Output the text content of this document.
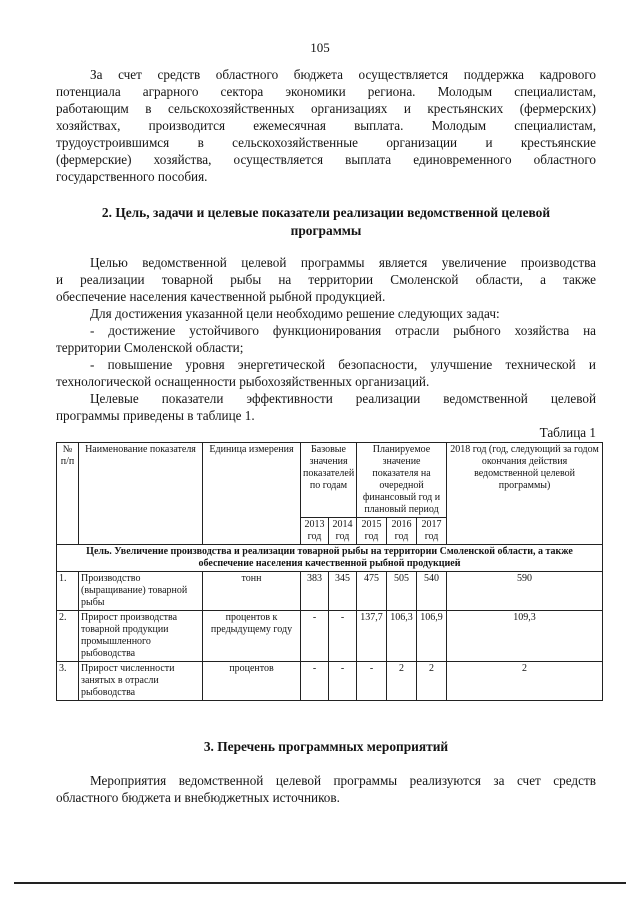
105
За счет средств областного бюджета осуществляется поддержка кадрового
потенциала аграрного сектора экономики региона. Молодым специалистам,
работающим в сельскохозяйственных организациях и крестьянских (фермерских)
хозяйствах, производится ежемесячная выплата. Молодым специалистам,
трудоустроившимся в сельскохозяйственные организации и крестьянские
(фермерские) хозяйства, осуществляется выплата единовременного областного
государственного пособия.
2. Цель, задачи и целевые показатели реализации ведомственной целевой
программы
Целью ведомственной целевой программы является увеличение производства
и реализации товарной рыбы на территории Смоленской области, а также
обеспечение населения качественной рыбной продукцией.
Для достижения указанной цели необходимо решение следующих задач:
- достижение устойчивого функционирования отрасли рыбного хозяйства на
территории Смоленской области;
- повышение уровня энергетической безопасности, улучшение технической и
технологической оснащенности рыбохозяйственных организаций.
Целевые показатели эффективности реализации ведомственной целевой
программы приведены в таблице 1.
Таблица 1
№ п/п	Наименование показателя	Единица измерения	Базовые значения показателей по годам		Планируемое значение показателя на очередной финансовый год и плановый период			2018 год (год, следующий за годом окончания действия ведомственной целевой программы)
			2013 год	2014 год	2015 год	2016 год	2017 год	
Цель. Увеличение производства и реализации товарной рыбы на территории Смоленской области, а также обеспечение населения качественной рыбной продукцией								
1.	Производство (выращивание) товарной рыбы	тонн	383	345	475	505	540	590
2.	Прирост производства товарной продукции промышленного рыбоводства	процентов к предыдущему году	-	-	137,7	106,3	106,9	109,3
3.	Прирост численности занятых в отрасли рыбоводства	процентов	-	-	-	2	2	2
3. Перечень программных мероприятий
Мероприятия ведомственной целевой программы реализуются за счет средств
областного бюджета и внебюджетных источников.
